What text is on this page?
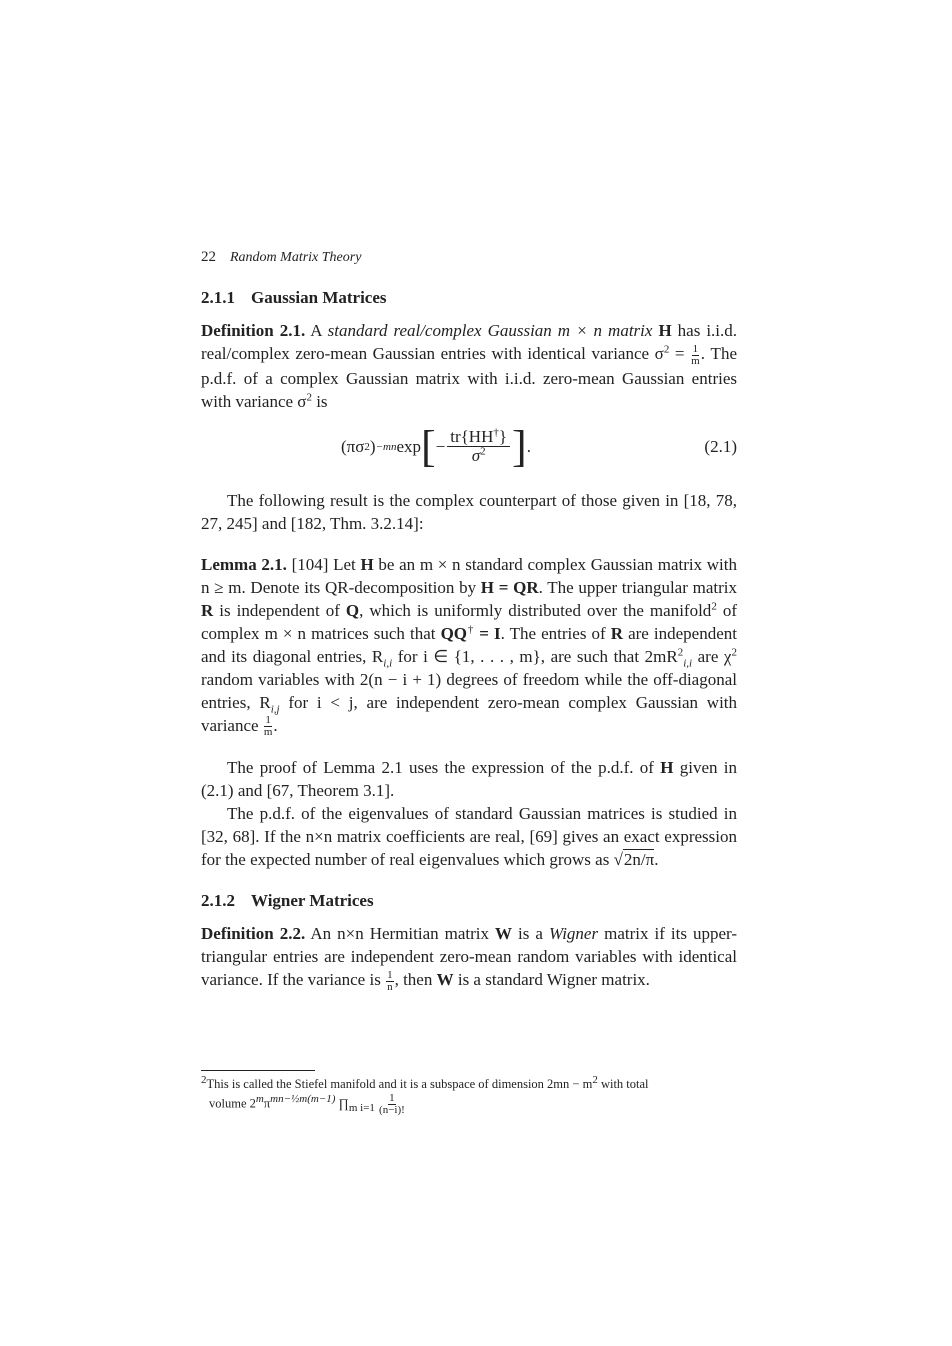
22 Random Matrix Theory
2.1.1 Gaussian Matrices

Definition 2.1. A standard real/complex Gaussian m × n matrix H has i.i.d. real/complex zero-mean Gaussian entries with identical variance $\sigma^2 = \frac{1}{m}$ . The p.d.f. of a complex Gaussian matrix with i.i.d. zero-mean Gaussian entries with variance $\sigma^2$ is

(πσ 2 ) −mn exp [ − $\frac{tr\{HH^\dagger\}}{\sigma^2}$ ] .	(2.1)

The following result is the complex counterpart of those given in [18, 78, 27, 245] and [182, Thm. 3.2.14]:

Lemma 2.1. [104] Let H be an m × n standard complex Gaussian matrix with n ≥ m. Denote its QR-decomposition by H = QR. The upper triangular matrix R is independent of Q, which is uniformly distributed over the manifold$^2$ of complex m × n matrices such that QQ† = I. The entries of R are independent and its diagonal entries, $R_{i,i}$ for i ∈ {1, . . . , m}, are such that $2mR^2_{i,i}$ are $\chi^2$ random variables with 2(n − i + 1) degrees of freedom while the off-diagonal entries, $R_{i,j}$ for i < j, are independent zero-mean complex Gaussian with variance $\frac{1}{m}$ .

The proof of Lemma 2.1 uses the expression of the p.d.f. of H given in (2.1) and [67, Theorem 3.1].

The p.d.f. of the eigenvalues of standard Gaussian matrices is studied in [32, 68]. If the n×n matrix coefficients are real, [69] gives an exact expression for the expected number of real eigenvalues which grows as √2n/π.

2.1.2 Wigner Matrices

Definition 2.2. An n×n Hermitian matrix W is a Wigner matrix if its upper-triangular entries are independent zero-mean random variables with identical variance. If the variance is $\frac{1}{n}$ , then W is a standard Wigner matrix.

$^2$This is called the Stiefel manifold and it is a subspace of dimension $2mn - m^2$ with total
volume $2^m\pi^{mn-\frac{1}{2}m(m-1)}$ $\prod_{m i=1} \frac{1}{(n-i)!}$
